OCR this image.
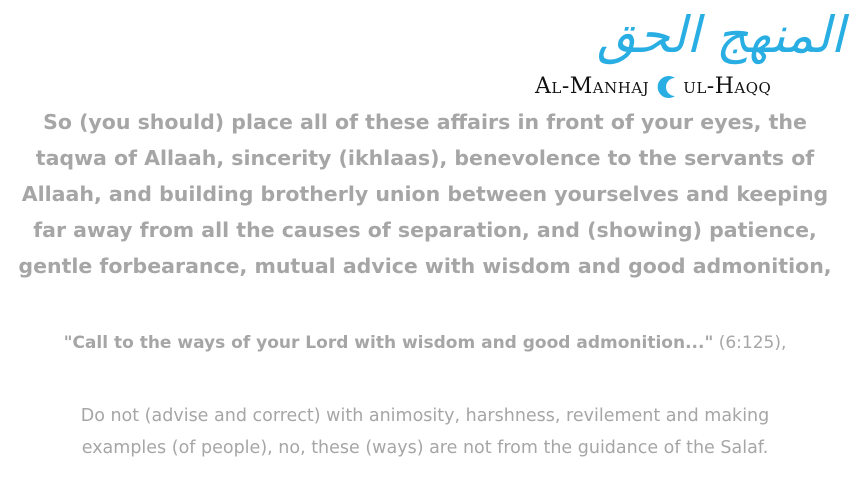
المنهج الحق
Al-Manhaj ul-Haqq
So (you should) place all of these affairs in front of your eyes, the
taqwa of Allaah, sincerity (ikhlaas), benevolence to the servants of
Allaah, and building brotherly union between yourselves and keeping
far away from all the causes of separation, and (showing) patience,
gentle forbearance, mutual advice with wisdom and good admonition,
"Call to the ways of your Lord with wisdom and good admonition..." (6:125),
Do not (advise and correct) with animosity, harshness, revilement and making
examples (of people), no, these (ways) are not from the guidance of the Salaf.
